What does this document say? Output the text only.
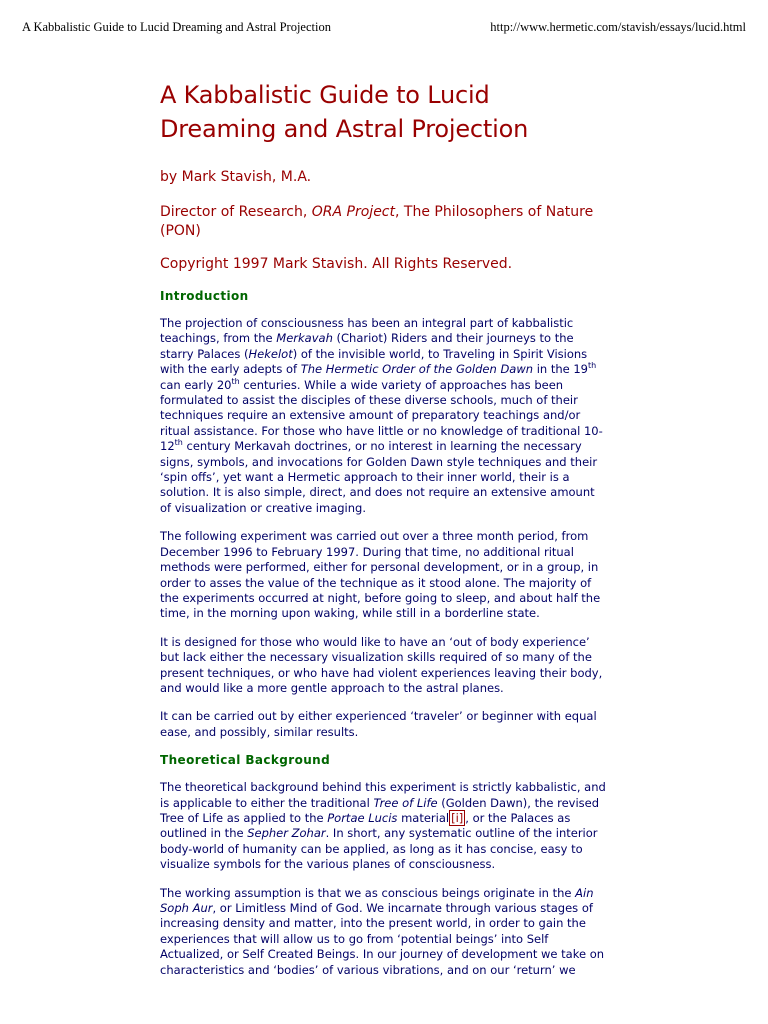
A Kabbalistic Guide to Lucid Dreaming and Astral Projection	http://www.hermetic.com/stavish/essays/lucid.html
A Kabbalistic Guide to Lucid
Dreaming and Astral Projection

by Mark Stavish, M.A.

Director of Research, ORA Project, The Philosophers of Nature (PON)

Copyright 1997 Mark Stavish. All Rights Reserved.

Introduction

The projection of consciousness has been an integral part of kabbalistic teachings, from the Merkavah (Chariot) Riders and their journeys to the starry Palaces (Hekelot) of the invisible world, to Traveling in Spirit Visions with the early adepts of The Hermetic Order of the Golden Dawn in the 19th can early 20th centuries. While a wide variety of approaches has been formulated to assist the disciples of these diverse schools, much of their techniques require an extensive amount of preparatory teachings and/or ritual assistance. For those who have little or no knowledge of traditional 10-12th century Merkavah doctrines, or no interest in learning the necessary signs, symbols, and invocations for Golden Dawn style techniques and their ‘spin offs’, yet want a Hermetic approach to their inner world, their is a solution. It is also simple, direct, and does not require an extensive amount of visualization or creative imaging.

The following experiment was carried out over a three month period, from December 1996 to February 1997. During that time, no additional ritual methods were performed, either for personal development, or in a group, in order to asses the value of the technique as it stood alone. The majority of the experiments occurred at night, before going to sleep, and about half the time, in the morning upon waking, while still in a borderline state.

It is designed for those who would like to have an ‘out of body experience’ but lack either the necessary visualization skills required of so many of the present techniques, or who have had violent experiences leaving their body, and would like a more gentle approach to the astral planes.

It can be carried out by either experienced ‘traveler’ or beginner with equal ease, and possibly, similar results.

Theoretical Background

The theoretical background behind this experiment is strictly kabbalistic, and is applicable to either the traditional Tree of Life (Golden Dawn), the revised Tree of Life as applied to the Portae Lucis material [i] , or the Palaces as outlined in the Sepher Zohar. In short, any systematic outline of the interior body-world of humanity can be applied, as long as it has concise, easy to visualize symbols for the various planes of consciousness.

The working assumption is that we as conscious beings originate in the Ain Soph Aur, or Limitless Mind of God. We incarnate through various stages of increasing density and matter, into the present world, in order to gain the experiences that will allow us to go from ‘potential beings’ into Self Actualized, or Self Created Beings. In our journey of development we take on characteristics and ‘bodies’ of various vibrations, and on our ‘return’ we
